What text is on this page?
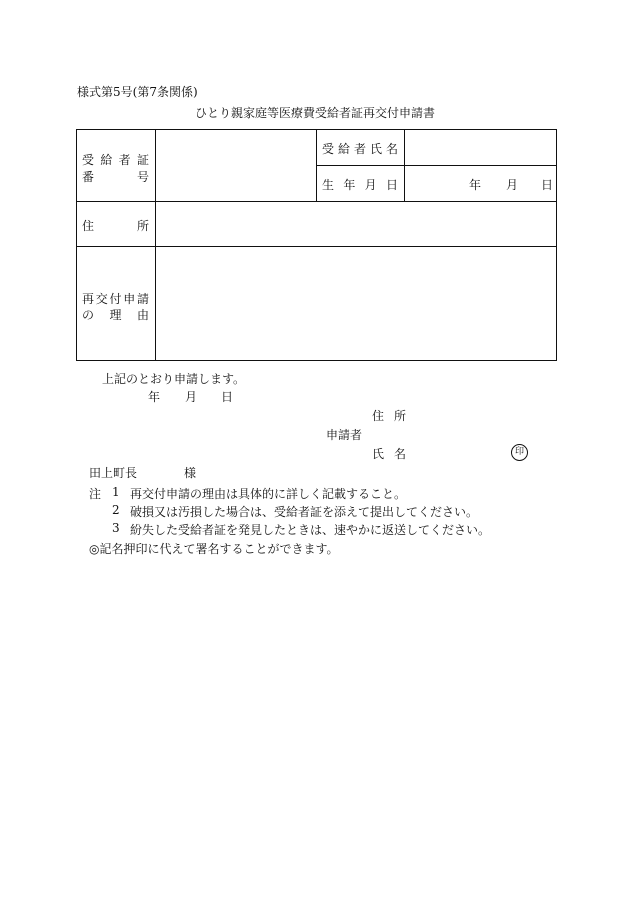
様式第5号(第7条関係)
ひとり親家庭等医療費受給者証再交付申請書
受 給 者 証
番 号
受給者氏名
生 年 月 日	年 月 日
住 所
再交付申請
の 理 由
上記のとおり申請します。
年 月 日
住 所
申請者
氏 名	印
田上町長	様
注 1 再交付申請の理由は具体的に詳しく記載すること。
2 破損又は汚損した場合は、受給者証を添えて提出してください。
3 紛失した受給者証を発見したときは、速やかに返送してください。
◎記名押印に代えて署名することができます。
